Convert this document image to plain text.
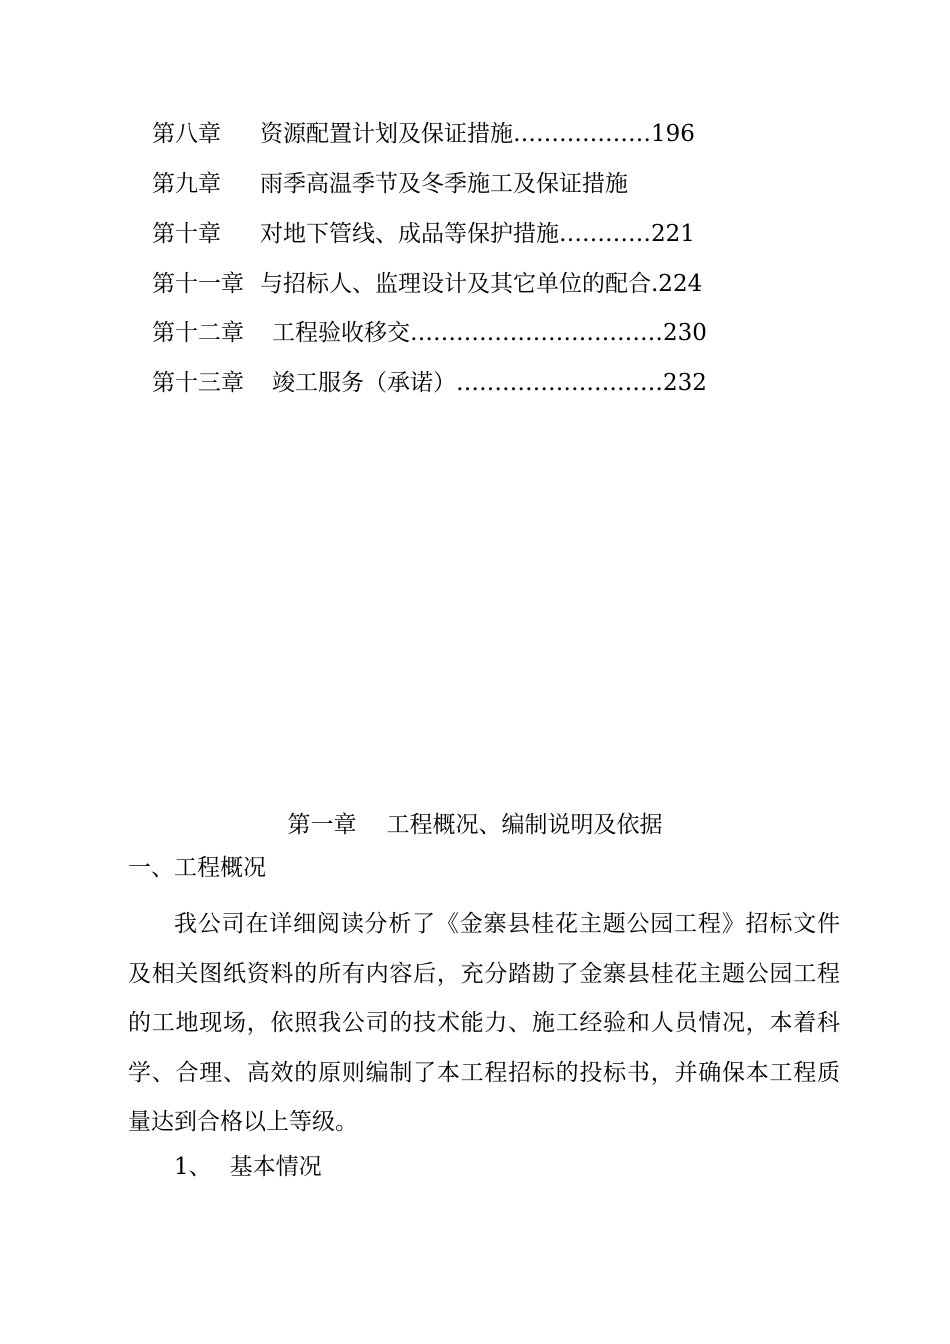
第八章 资源配置计划及保证措施………………196
第九章 雨季高温季节及冬季施工及保证措施
第十章 对地下管线、成品等保护措施…………221
第十一章 与招标人、监理设计及其它单位的配合.224
第十二章 工程验收移交……………………………230
第十三章 竣工服务（承诺）………………………232
第一章 工程概况、编制说明及依据
一、工程概况

我公司在详细阅读分析了《金寨县桂花主题公园工程》招标文件及相关图纸资料的所有内容后，充分踏勘了金寨县桂花主题公园工程的工地现场，依照我公司的技术能力、施工经验和人员情况，本着科学、合理、高效的原则编制了本工程招标的投标书，并确保本工程质量达到合格以上等级。

1、 基本情况
